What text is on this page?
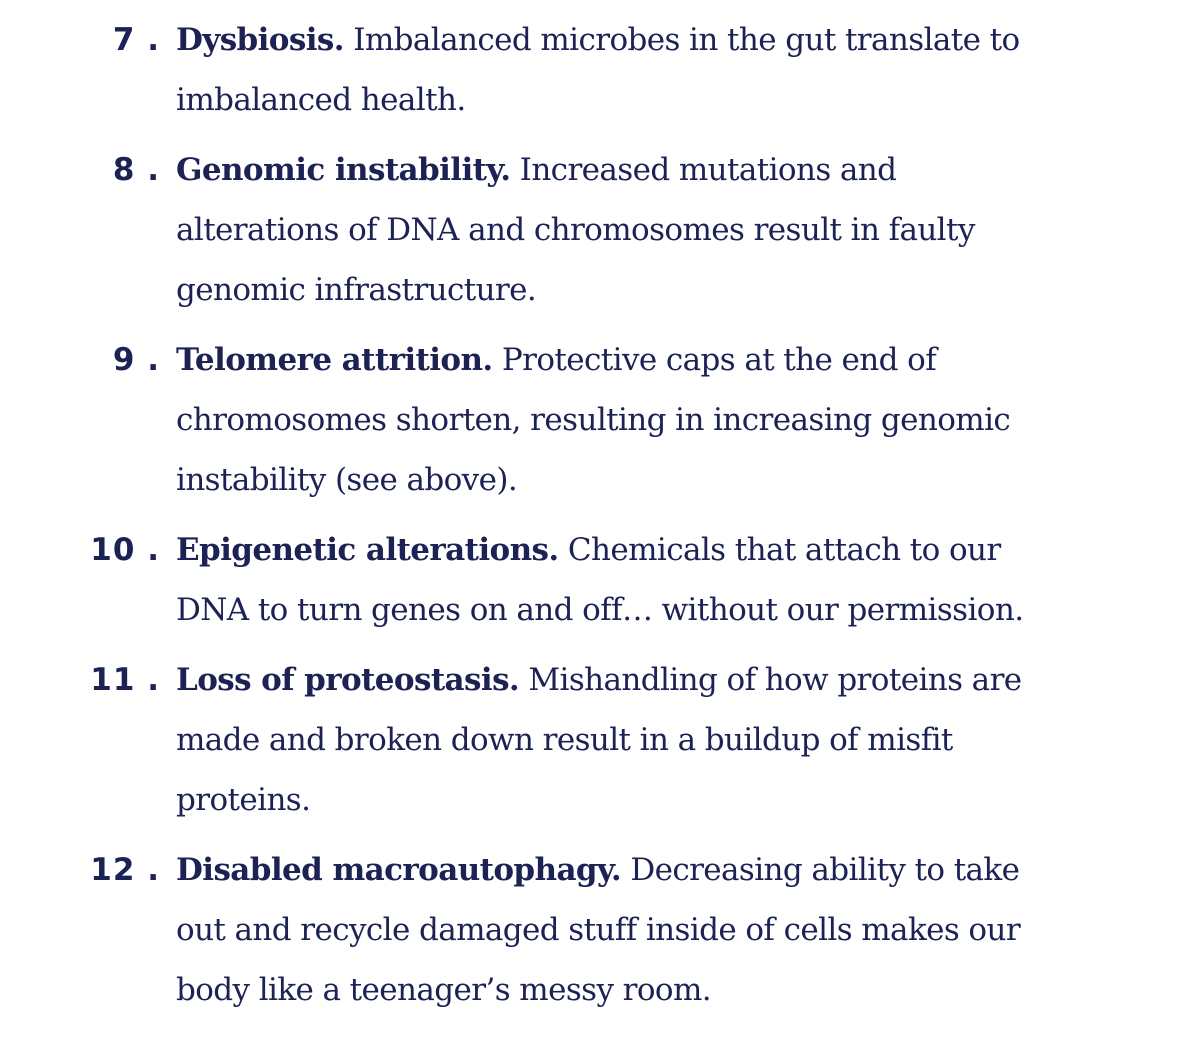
7 . Dysbiosis. Imbalanced microbes in the gut translate to imbalanced health.
8 . Genomic instability. Increased mutations and alterations of DNA and chromosomes result in faulty genomic infrastructure.
9 . Telomere attrition. Protective caps at the end of chromosomes shorten, resulting in increasing genomic instability (see above).
10 . Epigenetic alterations. Chemicals that attach to our DNA to turn genes on and off… without our permission.
11 . Loss of proteostasis. Mishandling of how proteins are made and broken down result in a buildup of misfit proteins.
12 . Disabled macroautophagy. Decreasing ability to take out and recycle damaged stuff inside of cells makes our body like a teenager’s messy room.
